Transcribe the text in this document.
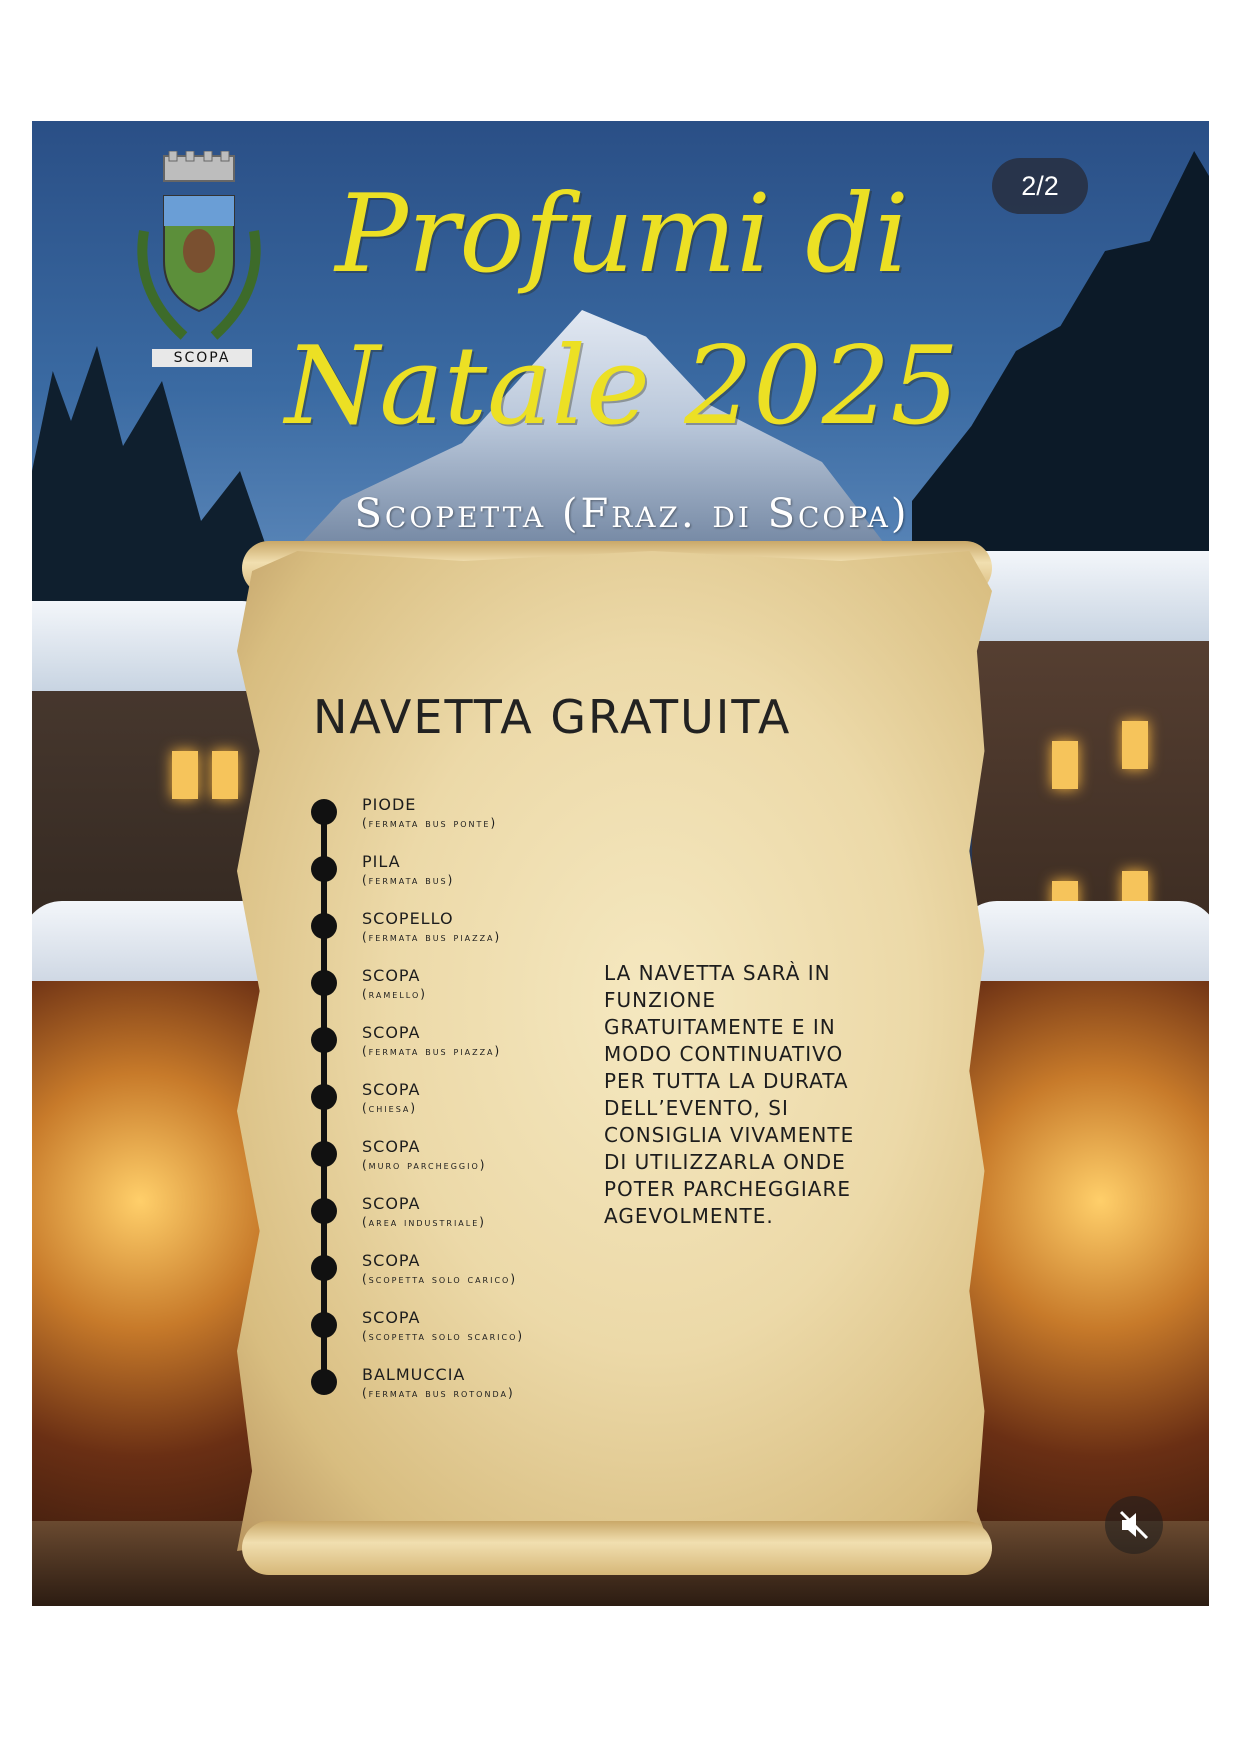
SCOPA
2/2
Profumi di
Natale 2025
Scopetta (Fraz. di Scopa)
NAVETTA GRATUITA
PIODE
(fermata bus ponte)
PILA
(fermata bus)
SCOPELLO
(fermata bus piazza)
SCOPA
(ramello)
SCOPA
(fermata bus piazza)
SCOPA
(chiesa)
SCOPA
(muro parcheggio)
SCOPA
(area industriale)
SCOPA
(scopetta solo carico)
SCOPA
(scopetta solo scarico)
BALMUCCIA
(fermata bus rotonda)
LA NAVETTA SARÀ IN
FUNZIONE
GRATUITAMENTE E IN
MODO CONTINUATIVO
PER TUTTA LA DURATA
DELL’EVENTO, SI
CONSIGLIA VIVAMENTE
DI UTILIZZARLA ONDE
POTER PARCHEGGIARE
AGEVOLMENTE.
